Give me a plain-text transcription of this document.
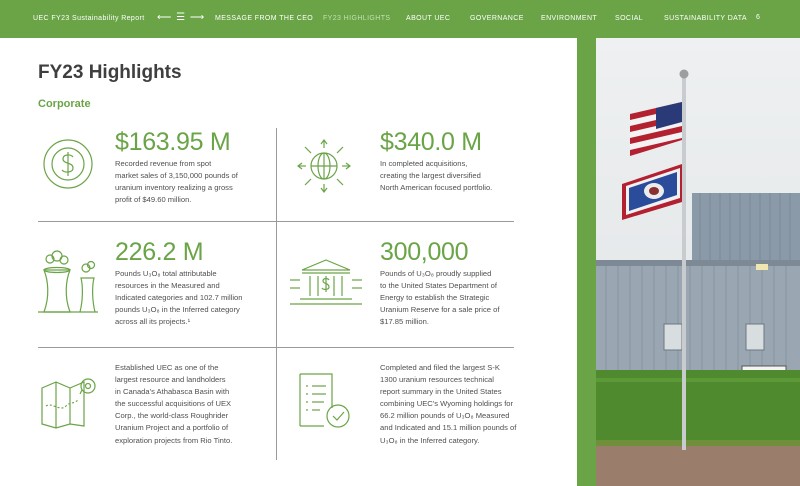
UEC FY23 Sustainability Report ⟵ ☰ ⟶ MESSAGE FROM THE CEO FY23 HIGHLIGHTS ABOUT UEC	GOVERNANCE ENVIRONMENT	SOCIAL	SUSTAINABILITY DATA 6
FY23 Highlights
Corporate
$163.95 M
Recorded revenue from spot
market sales of 3,150,000 pounds of
uranium inventory realizing a gross
profit of $49.60 million.
$340.0 M
In completed acquisitions,
creating the largest diversified
North American focused portfolio.
226.2 M
Pounds U₃O₈ total attributable
resources in the Measured and
Indicated categories and 102.7 million
pounds U₃O₈ in the Inferred category
across all its projects.¹
300,000
Pounds of U₃O₈ proudly supplied
to the United States Department of
Energy to establish the Strategic
Uranium Reserve for a sale price of
$17.85 million.
Established UEC as one of the
largest resource and landholders
in Canada's Athabasca Basin with
the successful acquisitions of UEX
Corp., the world-class Roughrider
Uranium Project and a portfolio of
exploration projects from Rio Tinto.
Completed and filed the largest S-K
1300 uranium resources technical
report summary in the United States
combining UEC's Wyoming holdings for
66.2 million pounds of U₃O₈ Measured
and Indicated and 15.1 million pounds of
U₃O₈ in the Inferred category.
